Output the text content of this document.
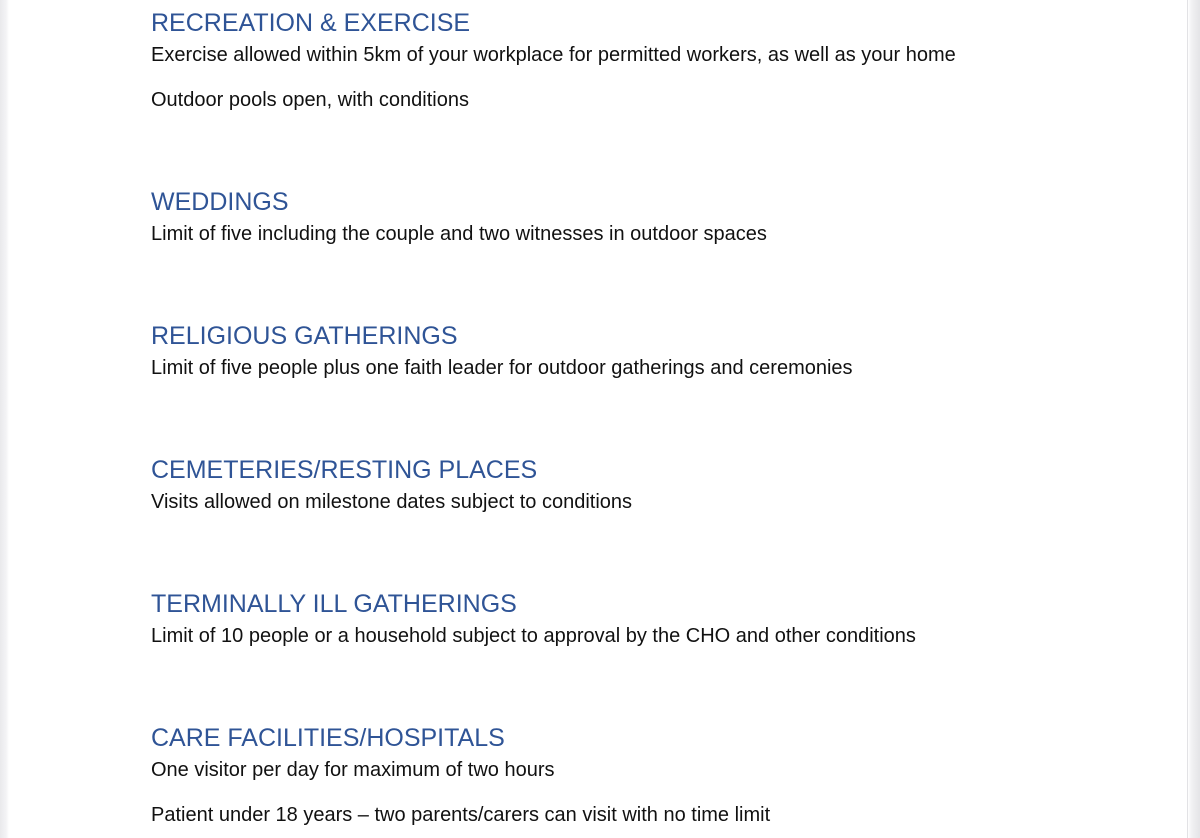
RECREATION & EXERCISE
Exercise allowed within 5km of your workplace for permitted workers, as well as your home
Outdoor pools open, with conditions
WEDDINGS
Limit of five including the couple and two witnesses in outdoor spaces
RELIGIOUS GATHERINGS
Limit of five people plus one faith leader for outdoor gatherings and ceremonies
CEMETERIES/RESTING PLACES
Visits allowed on milestone dates subject to conditions
TERMINALLY ILL GATHERINGS
Limit of 10 people or a household subject to approval by the CHO and other conditions
CARE FACILITIES/HOSPITALS
One visitor per day for maximum of two hours
Patient under 18 years – two parents/carers can visit with no time limit
